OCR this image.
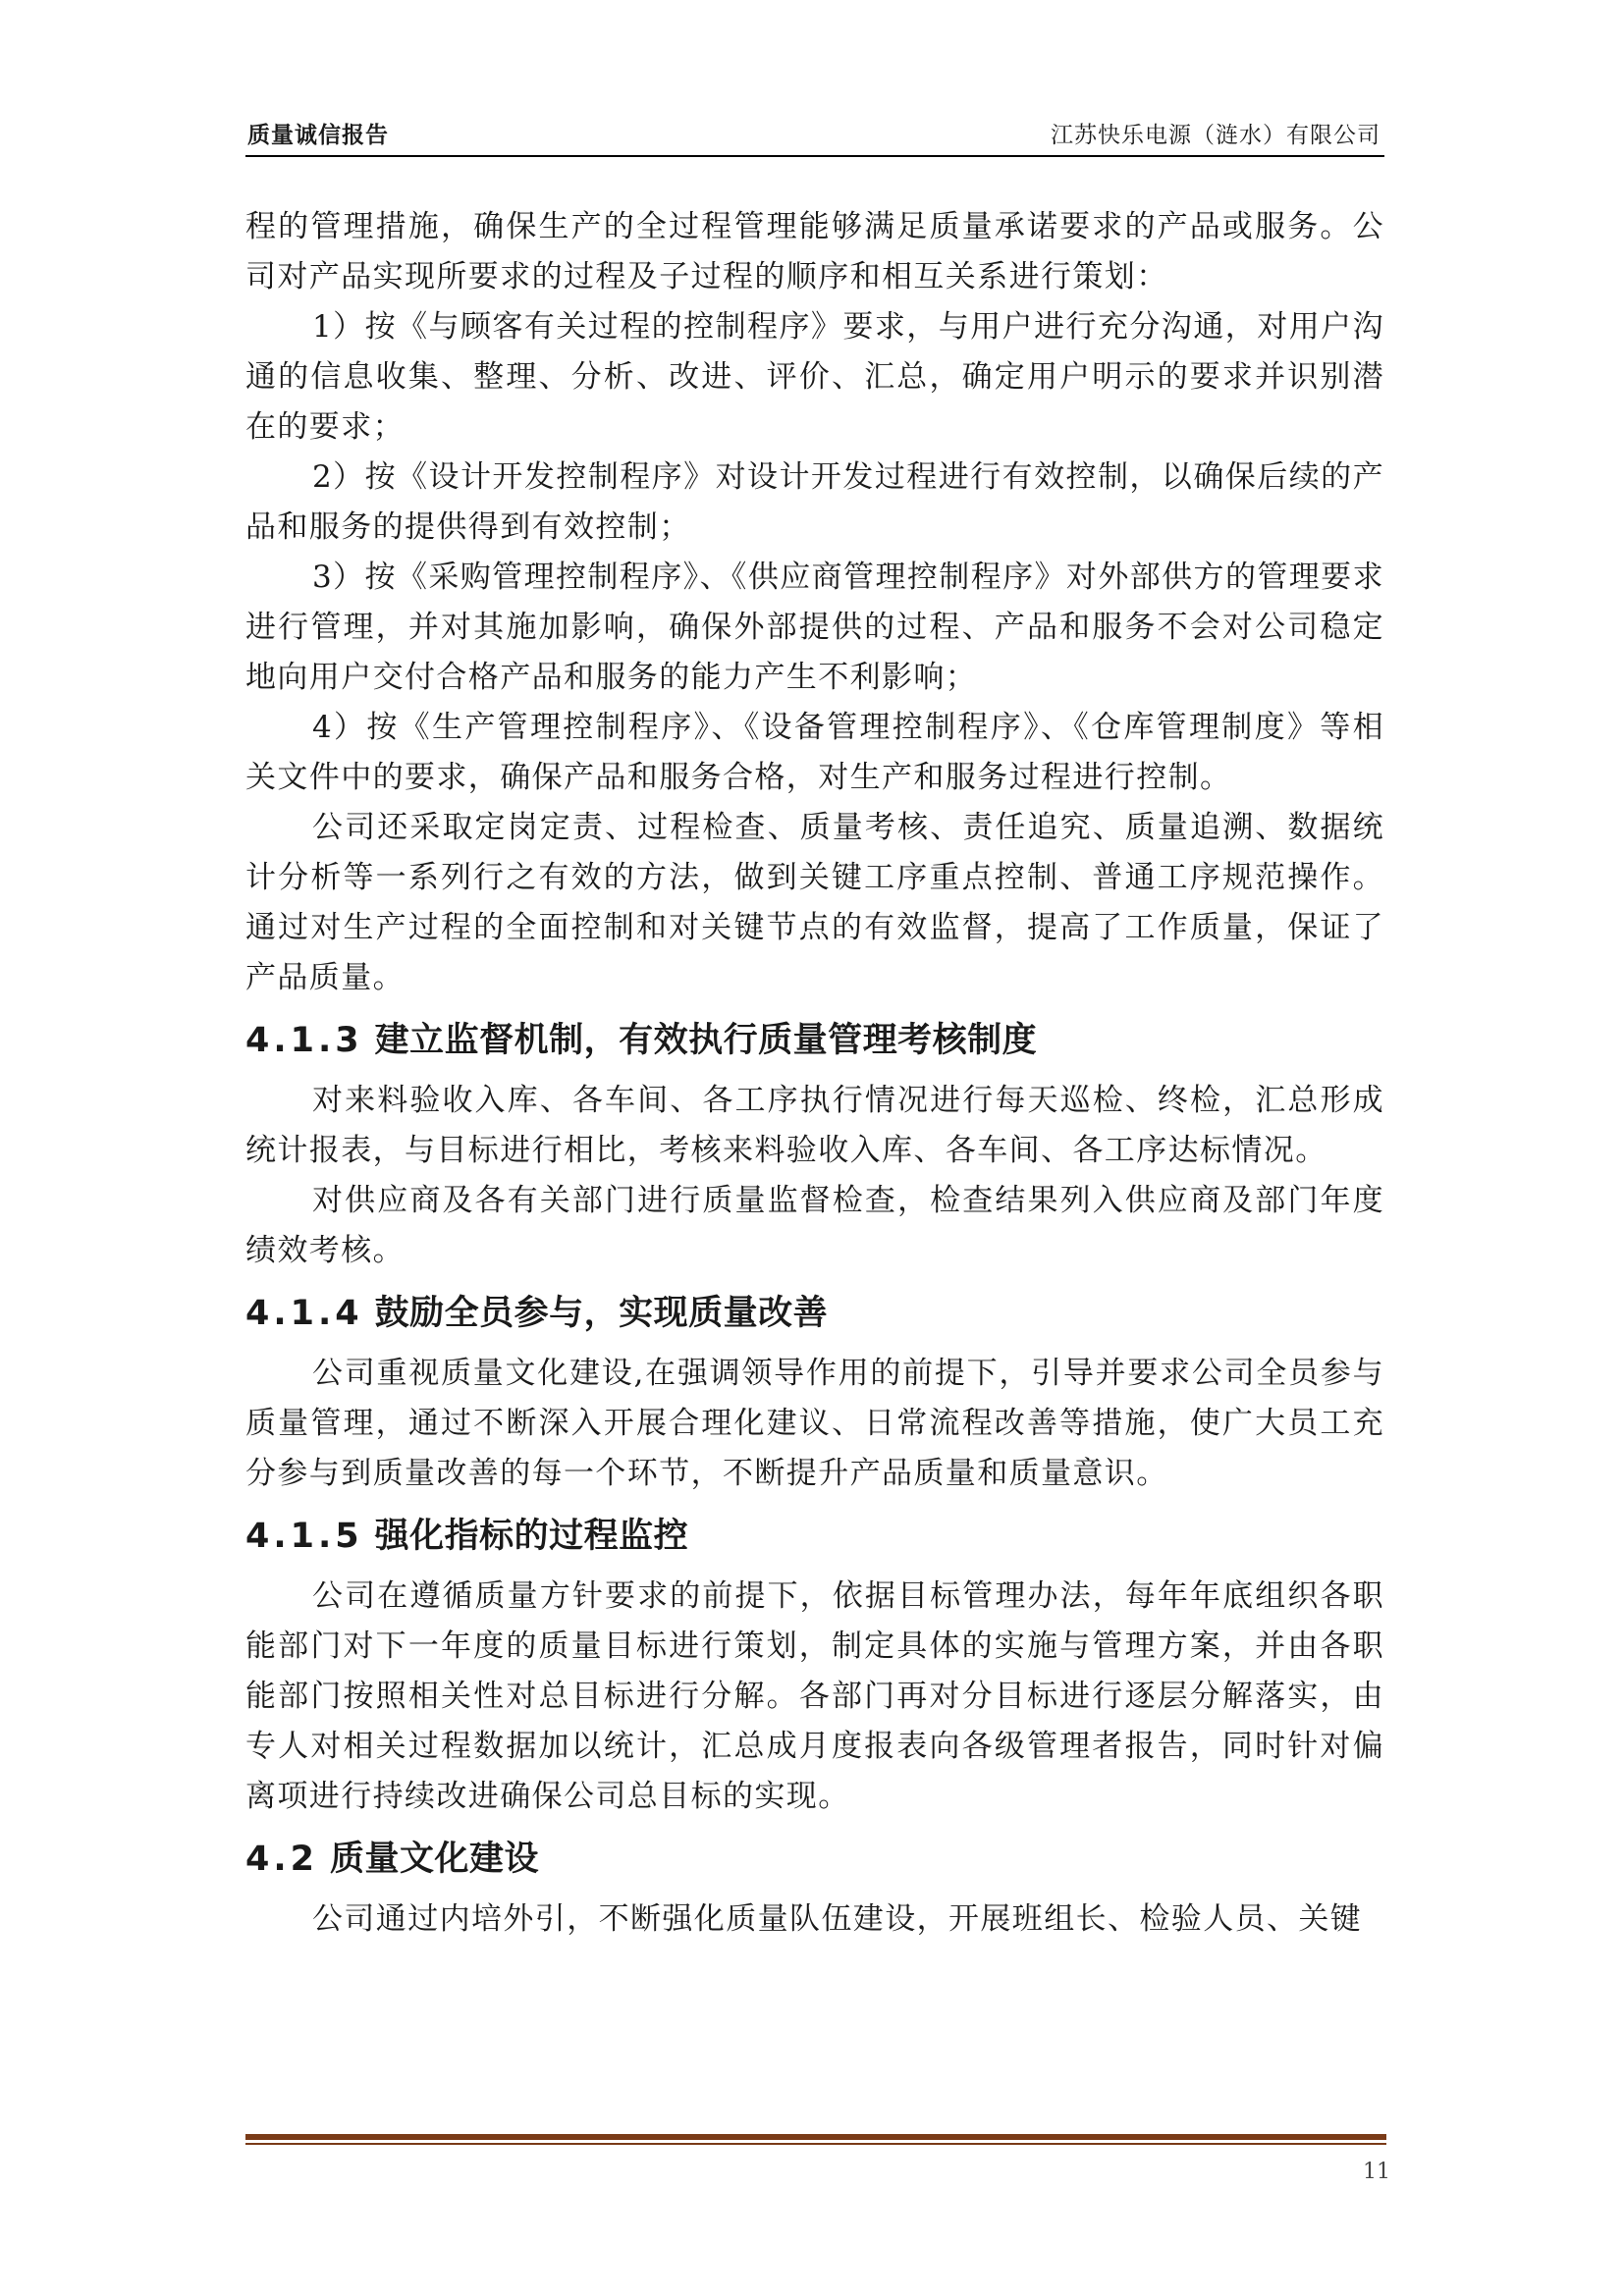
质量诚信报告	江苏快乐电源（涟水）有限公司

程的管理措施，确保生产的全过程管理能够满足质量承诺要求的产品或服务。公司对产品实现所要求的过程及子过程的顺序和相互关系进行策划：

1）按《与顾客有关过程的控制程序》要求，与用户进行充分沟通，对用户沟通的信息收集、整理、分析、改进、评价、汇总，确定用户明示的要求并识别潜在的要求；

2）按《设计开发控制程序》对设计开发过程进行有效控制，以确保后续的产品和服务的提供得到有效控制；

3）按《采购管理控制程序》、《供应商管理控制程序》对外部供方的管理要求进行管理，并对其施加影响，确保外部提供的过程、产品和服务不会对公司稳定地向用户交付合格产品和服务的能力产生不利影响；

4）按《生产管理控制程序》、《设备管理控制程序》、《仓库管理制度》等相关文件中的要求，确保产品和服务合格，对生产和服务过程进行控制。

公司还采取定岗定责、过程检查、质量考核、责任追究、质量追溯、数据统计分析等一系列行之有效的方法，做到关键工序重点控制、普通工序规范操作。通过对生产过程的全面控制和对关键节点的有效监督，提高了工作质量，保证了产品质量。

4.1.3 建立监督机制，有效执行质量管理考核制度

对来料验收入库、各车间、各工序执行情况进行每天巡检、终检，汇总形成统计报表，与目标进行相比，考核来料验收入库、各车间、各工序达标情况。

对供应商及各有关部门进行质量监督检查，检查结果列入供应商及部门年度绩效考核。

4.1.4 鼓励全员参与，实现质量改善

公司重视质量文化建设,在强调领导作用的前提下，引导并要求公司全员参与质量管理，通过不断深入开展合理化建议、日常流程改善等措施，使广大员工充分参与到质量改善的每一个环节，不断提升产品质量和质量意识。

4.1.5 强化指标的过程监控

公司在遵循质量方针要求的前提下，依据目标管理办法，每年年底组织各职能部门对下一年度的质量目标进行策划，制定具体的实施与管理方案，并由各职能部门按照相关性对总目标进行分解。各部门再对分目标进行逐层分解落实，由专人对相关过程数据加以统计，汇总成月度报表向各级管理者报告，同时针对偏离项进行持续改进确保公司总目标的实现。

4.2 质量文化建设

公司通过内培外引，不断强化质量队伍建设，开展班组长、检验人员、关键

11
